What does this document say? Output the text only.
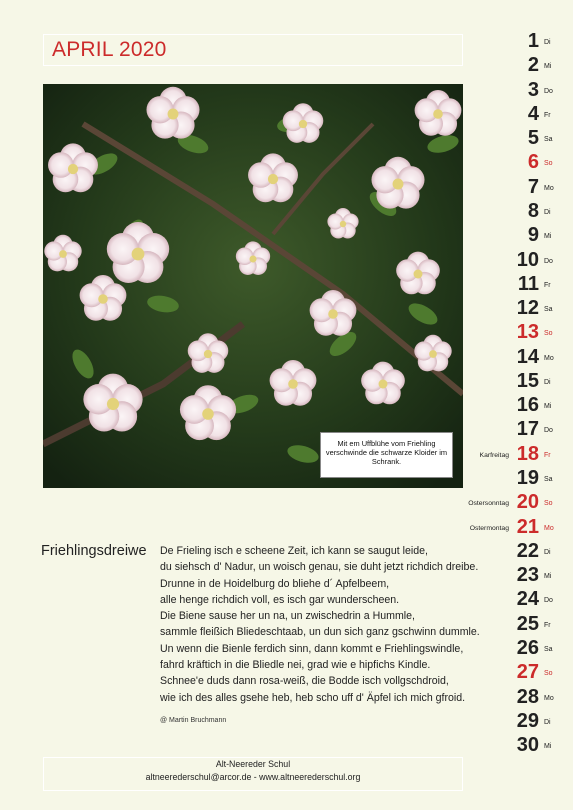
APRIL 2020
Mit em Uffblühe vom Friehling verschwinde die schwarze Kloider im Schrank.
Friehlingsdreiwe De Frieling isch e scheene Zeit, ich kann se saugut leide,
du siehsch d' Nadur, un woisch genau, sie duht jetzt richdich dreibe.
Drunne in de Hoidelburg do bliehe d´ Apfelbeem,
alle henge richdich voll, es isch gar wunderscheen.
Die Biene sause her un na, un zwischedrin a Hummle,
sammle fleißich Bliedeschtaab, un dun sich ganz gschwinn dummle.
Un wenn die Bienle ferdich sinn, dann kommt e Friehlingswindle,
fahrd kräftich in die Bliedle nei, grad wie e hipfichs Kindle.
Schnee'e duds dann rosa-weiß, die Bodde isch vollgschdroid,
wie ich des alles gsehe heb, heb scho uff d' Äpfel ich mich gfroid.
@ Martin Bruchmann
Alt-Neereder Schul
altneerederschul@arcor.de - www.altneerederschul.org
1 Di
2 Mi
3 Do
4 Fr
5 Sa
6 So
7 Mo
8 Di
9 Mi
10 Do
11 Fr
12 Sa
13 So
14 Mo
15 Di
16 Mi
17 Do
18 Fr
Karfreitag
19 Sa
20 So
Ostersonntag
21 Mo
Ostermontag
22 Di
23 Mi
24 Do
25 Fr
26 Sa
27 So
28 Mo
29 Di
30 Mi
